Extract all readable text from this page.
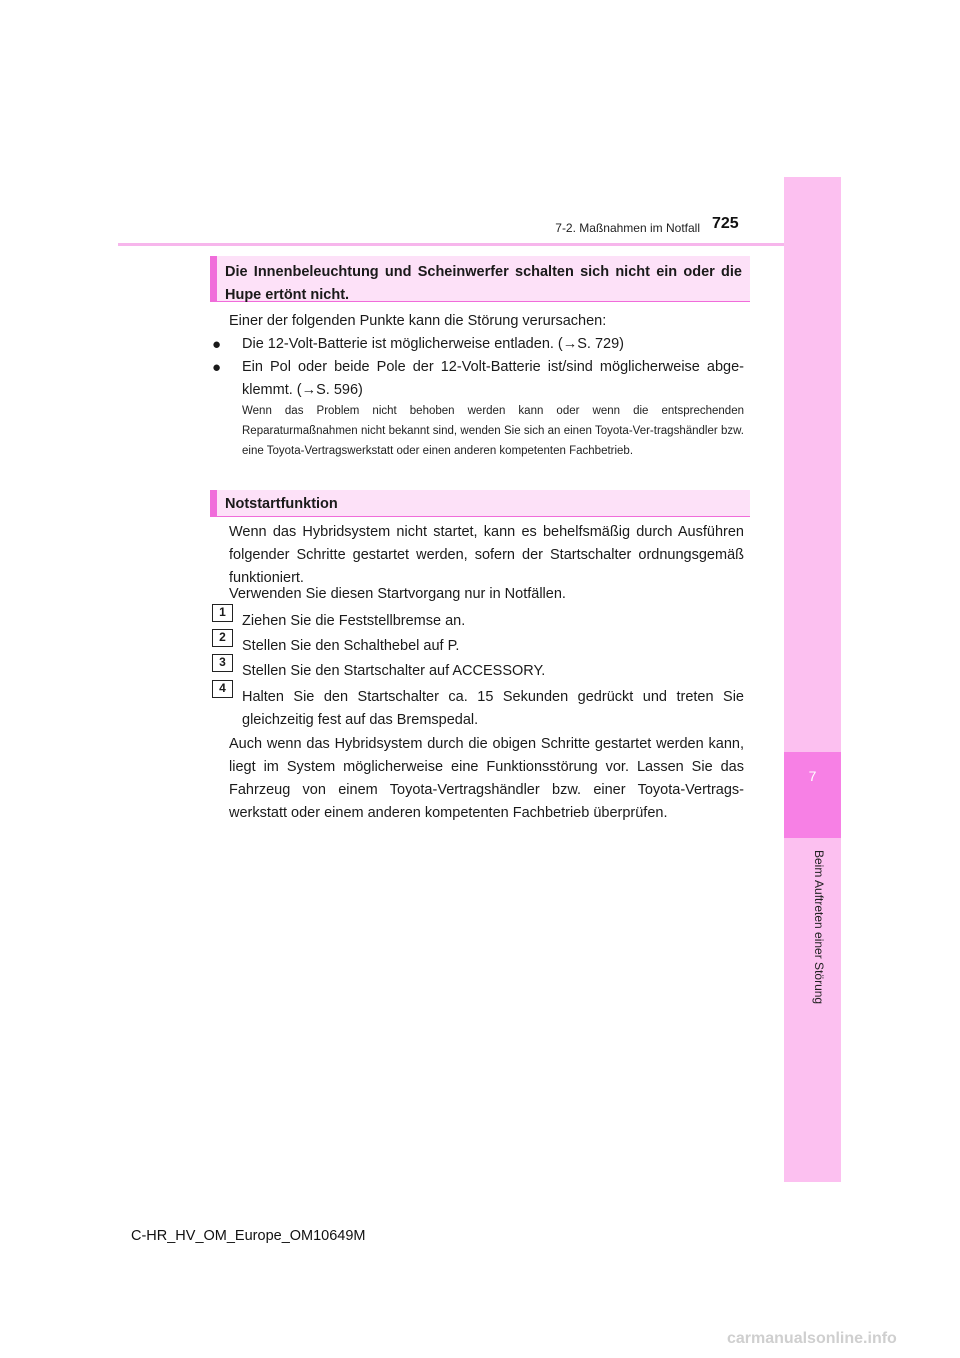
7-2. Maßnahmen im Notfall 725
7
Beim Auftreten einer Störung
Die Innenbeleuchtung und Scheinwerfer schalten sich nicht ein oder die Hupe ertönt nicht.
Einer der folgenden Punkte kann die Störung verursachen:
● Die 12-Volt-Batterie ist möglicherweise entladen. (→S. 729)
● Ein Pol oder beide Pole der 12-Volt-Batterie ist/sind möglicherweise abge-klemmt. (→S. 596)
Wenn das Problem nicht behoben werden kann oder wenn die entsprechenden Reparaturmaßnahmen nicht bekannt sind, wenden Sie sich an einen Toyota-Ver-tragshändler bzw. eine Toyota-Vertragswerkstatt oder einen anderen kompetenten Fachbetrieb.
Notstartfunktion
Wenn das Hybridsystem nicht startet, kann es behelfsmäßig durch Ausführen folgender Schritte gestartet werden, sofern der Startschalter ordnungsgemäß funktioniert.
Verwenden Sie diesen Startvorgang nur in Notfällen.
1
Ziehen Sie die Feststellbremse an.
2
Stellen Sie den Schalthebel auf P.
3
Stellen Sie den Startschalter auf ACCESSORY.
4
Halten Sie den Startschalter ca. 15 Sekunden gedrückt und treten Sie gleichzeitig fest auf das Bremspedal.
Auch wenn das Hybridsystem durch die obigen Schritte gestartet werden kann, liegt im System möglicherweise eine Funktionsstörung vor. Lassen Sie das Fahrzeug von einem Toyota-Vertragshändler bzw. einer Toyota-Vertrags-werkstatt oder einem anderen kompetenten Fachbetrieb überprüfen.
C-HR_HV_OM_Europe_OM10649M
carmanualsonline.info
